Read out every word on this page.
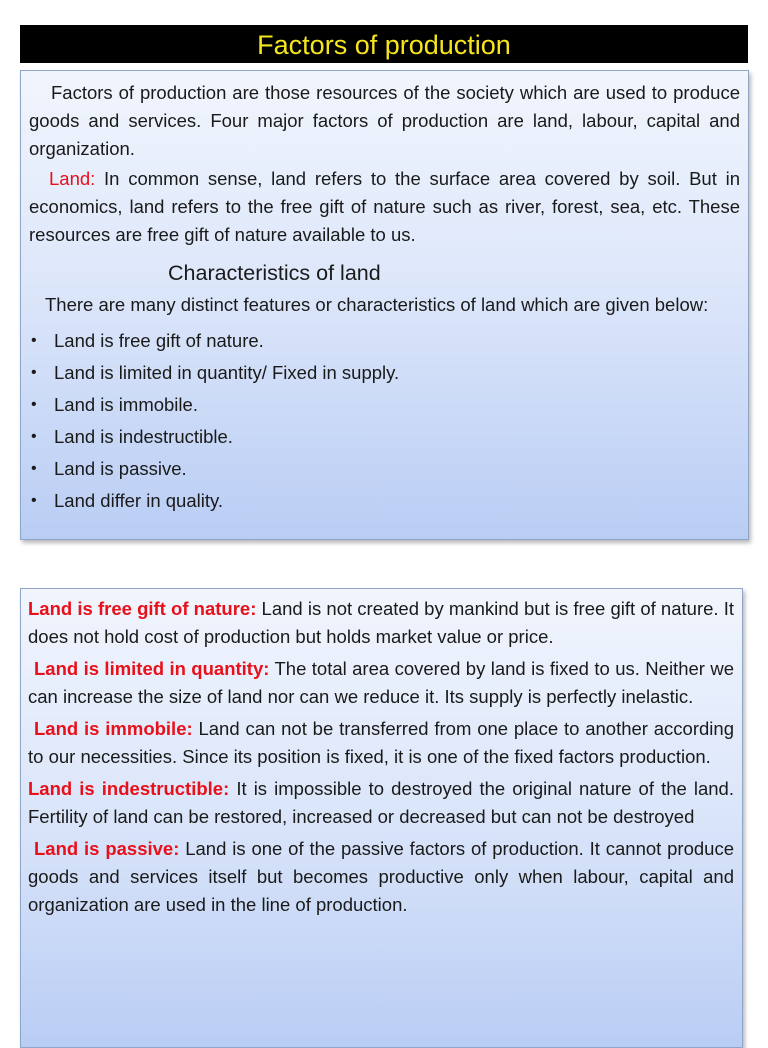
Factors of production

Factors of production are those resources of the society which are used to produce goods and services. Four major factors of production are land, labour, capital and organization.

Land: In common sense, land refers to the surface area covered by soil. But in economics, land refers to the free gift of nature such as river, forest, sea, etc. These resources are free gift of nature available to us.

Characteristics of land

There are many distinct features or characteristics of land which are given below:

• Land is free gift of nature.
• Land is limited in quantity/ Fixed in supply.
• Land is immobile.
• Land is indestructible.
• Land is passive.
• Land differ in quality.

Land is free gift of nature: Land is not created by mankind but is free gift of nature. It does not hold cost of production but holds market value or price.

Land is limited in quantity: The total area covered by land is fixed to us. Neither we can increase the size of land nor can we reduce it. Its supply is perfectly inelastic.

Land is immobile: Land can not be transferred from one place to another according to our necessities. Since its position is fixed, it is one of the fixed factors production.

Land is indestructible: It is impossible to destroyed the original nature of the land. Fertility of land can be restored, increased or decreased but can not be destroyed

Land is passive: Land is one of the passive factors of production. It cannot produce goods and services itself but becomes productive only when labour, capital and organization are used in the line of production.
